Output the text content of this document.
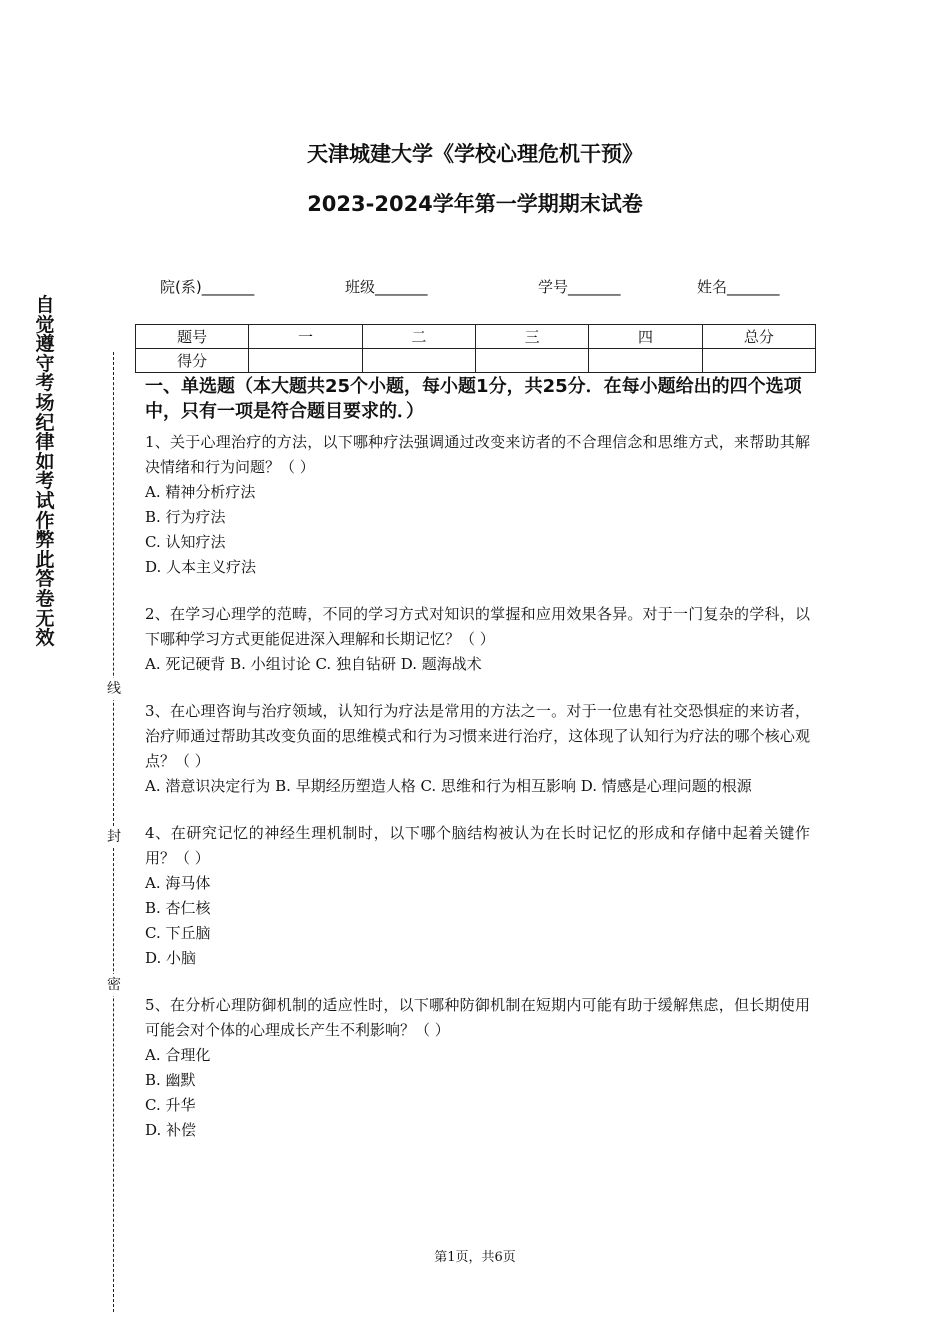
天津城建大学《学校心理危机干预》
2023-2024学年第一学期期末试卷
院(系)_______	班级_______	学号_______	姓名_______
题号	一	二	三	四	总分
得分					
自
觉
遵
守
考
场
纪
律
如
考
试
作
弊
此
答
卷
无
效
线
封
密
一、单选题（本大题共25个小题，每小题1分，共25分．在每小题给出的四个选项中，只有一项是符合题目要求的．）

1、关于心理治疗的方法，以下哪种疗法强调通过改变来访者的不合理信念和思维方式，来帮助其解决情绪和行为问题？（ ）

A. 精神分析疗法

B. 行为疗法

C. 认知疗法

D. 人本主义疗法

2、在学习心理学的范畴，不同的学习方式对知识的掌握和应用效果各异。对于一门复杂的学科，以下哪种学习方式更能促进深入理解和长期记忆？（ ）

A. 死记硬背 B. 小组讨论 C. 独自钻研 D. 题海战术

3、在心理咨询与治疗领域，认知行为疗法是常用的方法之一。对于一位患有社交恐惧症的来访者，治疗师通过帮助其改变负面的思维模式和行为习惯来进行治疗，这体现了认知行为疗法的哪个核心观点？（ ）

A. 潜意识决定行为 B. 早期经历塑造人格 C. 思维和行为相互影响 D. 情感是心理问题的根源

4、在研究记忆的神经生理机制时，以下哪个脑结构被认为在长时记忆的形成和存储中起着关键作用？（ ）

A. 海马体

B. 杏仁核

C. 下丘脑

D. 小脑

5、在分析心理防御机制的适应性时，以下哪种防御机制在短期内可能有助于缓解焦虑，但长期使用可能会对个体的心理成长产生不利影响？（ ）

A. 合理化

B. 幽默

C. 升华

D. 补偿

第1页，共6页
